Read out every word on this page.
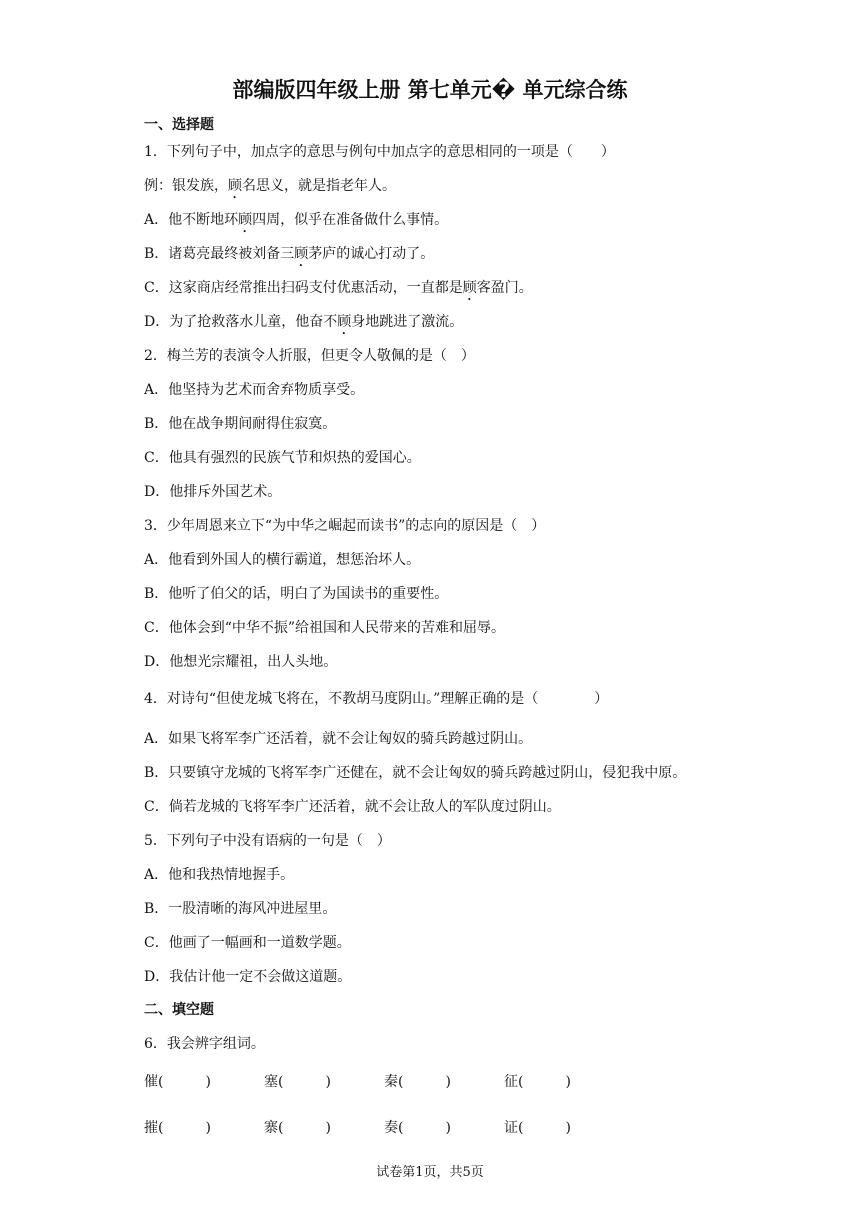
部编版四年级上册 第七单元� 单元综合练
一、选择题
1．下列句子中，加点字的意思与例句中加点字的意思相同的一项是（　　）
例：银发族，顾名思义，就是指老年人。
A．他不断地环顾四周，似乎在准备做什么事情。
B．诸葛亮最终被刘备三顾茅庐的诚心打动了。
C．这家商店经常推出扫码支付优惠活动，一直都是顾客盈门。
D．为了抢救落水儿童，他奋不顾身地跳进了激流。
2．梅兰芳的表演令人折服，但更令人敬佩的是（　）
A．他坚持为艺术而舍弃物质享受。
B．他在战争期间耐得住寂寞。
C．他具有强烈的民族气节和炽热的爱国心。
D．他排斥外国艺术。
3．少年周恩来立下“为中华之崛起而读书”的志向的原因是（　）
A．他看到外国人的横行霸道，想惩治坏人。
B．他听了伯父的话，明白了为国读书的重要性。
C．他体会到“中华不振”给祖国和人民带来的苦难和屈辱。
D．他想光宗耀祖，出人头地。
4．对诗句“但使龙城飞将在，不教胡马度阴山。”理解正确的是（　　　　）
A．如果飞将军李广还活着，就不会让匈奴的骑兵跨越过阴山。
B．只要镇守龙城的飞将军李广还健在，就不会让匈奴的骑兵跨越过阴山，侵犯我中原。
C．倘若龙城的飞将军李广还活着，就不会让敌人的军队度过阴山。
5．下列句子中没有语病的一句是（　）
A．他和我热情地握手。
B．一股清晰的海风冲进屋里。
C．他画了一幅画和一道数学题。
D．我估计他一定不会做这道题。
二、填空题
6．我会辨字组词。
催(　　　)	塞(　　　)	秦(　　　)	征(　　　)
摧(　　　)	寨(　　　)	奏(　　　)	证(　　　)
试卷第1页，共5页
